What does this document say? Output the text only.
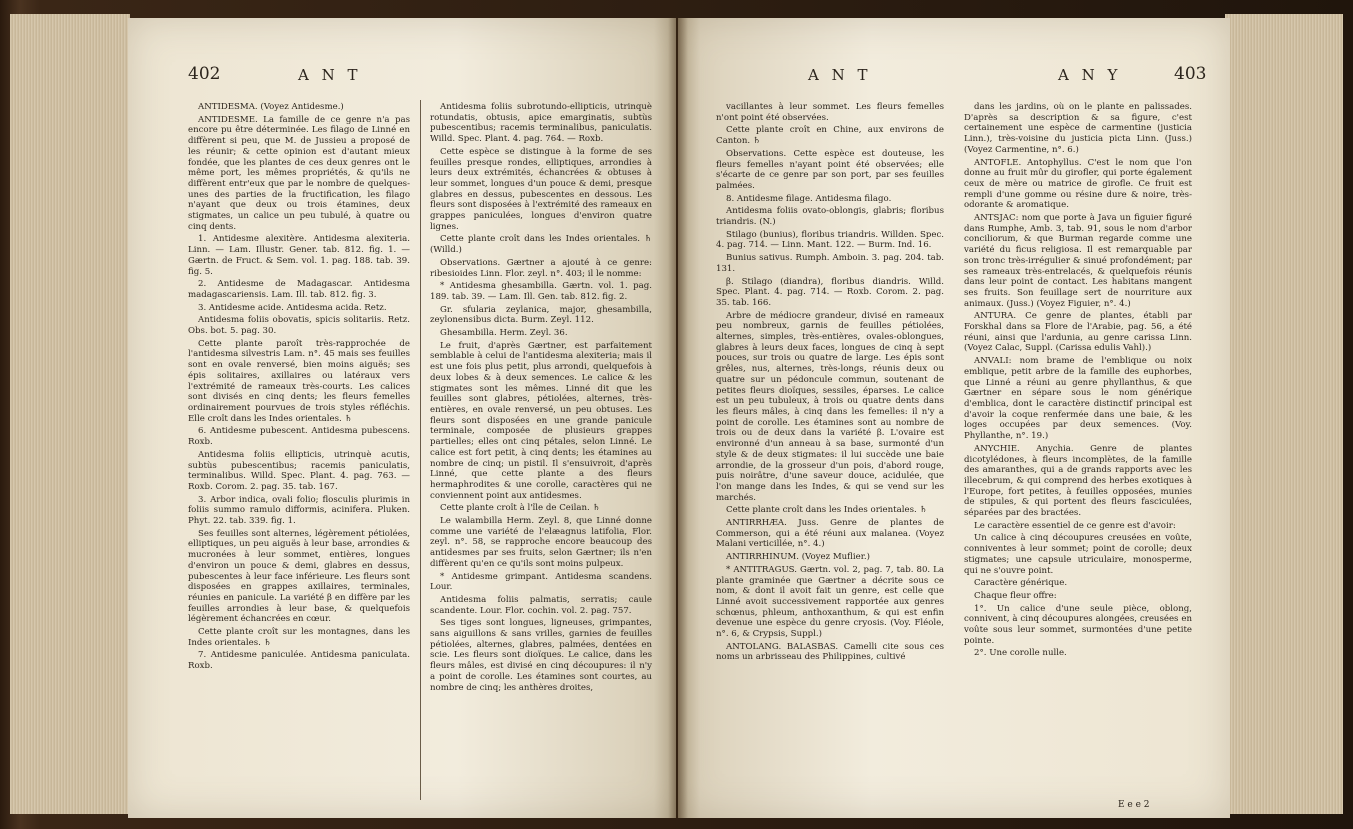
402	A N T

ANTIDESMA. (Voyez Antidesme.)

ANTIDESME. La famille de ce genre n'a pas encore pu être déterminée. Les filago de Linné en diffèrent si peu, que M. de Jussieu a proposé de les réunir; & cette opinion est d'autant mieux fondée, que les plantes de ces deux genres ont le même port, les mêmes propriétés, & qu'ils ne diffèrent entr'eux que par le nombre de quelques-unes des parties de la fructification, les filago n'ayant que deux ou trois étamines, deux stigmates, un calice un peu tubulé, à quatre ou cinq dents.

1. Antidesme alexitère. Antidesma alexiteria. Linn. — Lam. Illustr. Gener. tab. 812. fig. 1. — Gærtn. de Fruct. & Sem. vol. 1. pag. 188. tab. 39. fig. 5.

2. Antidesme de Madagascar. Antidesma madagascariensis. Lam. Ill. tab. 812. fig. 3.

3. Antidesme acide. Antidesma acida. Retz.

Antidesma foliis obovatis, spicis solitariis. Retz. Obs. bot. 5. pag. 30.

Cette plante paroît très-rapprochée de l'antidesma silvestris Lam. n°. 45 mais ses feuilles sont en ovale renversé, bien moins aiguës; ses épis solitaires, axillaires ou latéraux vers l'extrémité de rameaux très-courts. Les calices sont divisés en cinq dents; les fleurs femelles ordinairement pourvues de trois styles réfléchis. Elle croît dans les Indes orientales. ♄

6. Antidesme pubescent. Antidesma pubescens. Roxb.

Antidesma foliis ellipticis, utrinquè acutis, subtùs pubescentibus; racemis paniculatis, terminalibus. Willd. Spec. Plant. 4. pag. 763. — Roxb. Corom. 2. pag. 35. tab. 167.

3. Arbor indica, ovali folio; flosculis plurimis in foliis summo ramulo difformis, acinifera. Pluken. Phyt. 22. tab. 339. fig. 1.

Ses feuilles sont alternes, légèrement pétiolées, elliptiques, un peu aiguës à leur base, arrondies & mucronées à leur sommet, entières, longues d'environ un pouce & demi, glabres en dessus, pubescentes à leur face inférieure. Les fleurs sont disposées en grappes axillaires, terminales, réunies en panicule. La variété β en diffère par les feuilles arrondies à leur base, & quelquefois légèrement échancrées en cœur.

Cette plante croît sur les montagnes, dans les Indes orientales. ♄

7. Antidesme paniculée. Antidesma paniculata. Roxb.

Antidesma foliis subrotundo-ellipticis, utrinquè rotundatis, obtusis, apice emarginatis, subtùs pubescentibus; racemis terminalibus, paniculatis. Willd. Spec. Plant. 4. pag. 764. — Roxb.

Cette espèce se distingue à la forme de ses feuilles presque rondes, elliptiques, arrondies à leurs deux extrémités, échancrées & obtuses à leur sommet, longues d'un pouce & demi, presque glabres en dessus, pubescentes en dessous. Les fleurs sont disposées à l'extrémité des rameaux en grappes paniculées, longues d'environ quatre lignes.

Cette plante croît dans les Indes orientales. ♄ (Willd.)

Observations. Gærtner a ajouté à ce genre: ribesioides Linn. Flor. zeyl. n°. 403; il le nomme:

* Antidesma ghesambilla. Gærtn. vol. 1. pag. 189. tab. 39. — Lam. Ill. Gen. tab. 812. fig. 2.

Gr. sfularia zeylanica, major, ghesambilla, zeylonensibus dicta. Burm. Zeyl. 112.

Ghesambilla. Herm. Zeyl. 36.

Le fruit, d'après Gærtner, est parfaitement semblable à celui de l'antidesma alexiteria; mais il est une fois plus petit, plus arrondi, quelquefois à deux lobes & à deux semences. Le calice & les stigmates sont les mêmes. Linné dit que les feuilles sont glabres, pétiolées, alternes, très-entières, en ovale renversé, un peu obtuses. Les fleurs sont disposées en une grande panicule terminale, composée de plusieurs grappes partielles; elles ont cinq pétales, selon Linné. Le calice est fort petit, à cinq dents; les étamines au nombre de cinq; un pistil. Il s'ensuivroit, d'après Linné, que cette plante a des fleurs hermaphrodites & une corolle, caractères qui ne conviennent point aux antidesmes.

Cette plante croît à l'île de Ceilan. ♄

Le walambilla Herm. Zeyl. 8, que Linné donne comme une variété de l'elæagnus latifolia, Flor. zeyl. n°. 58, se rapproche encore beaucoup des antidesmes par ses fruits, selon Gærtner; ils n'en diffèrent qu'en ce qu'ils sont moins pulpeux.

* Antidesme grimpant. Antidesma scandens. Lour.

Antidesma foliis palmatis, serratis; caule scandente. Lour. Flor. cochin. vol. 2. pag. 757.

Ses tiges sont longues, ligneuses, grimpantes, sans aiguillons & sans vrilles, garnies de feuilles pétiolées, alternes, glabres, palmées, dentées en scie. Les fleurs sont dioïques. Le calice, dans les fleurs mâles, est divisé en cinq découpures: il n'y a point de corolle. Les étamines sont courtes, au nombre de cinq; les anthères droites,

A N T	A N Y	403

vacillantes à leur sommet. Les fleurs femelles n'ont point été observées.

Cette plante croît en Chine, aux environs de Canton. ♄

Observations. Cette espèce est douteuse, les fleurs femelles n'ayant point été observées; elle s'écarte de ce genre par son port, par ses feuilles palmées.

8. Antidesme filage. Antidesma filago.

Antidesma foliis ovato-oblongis, glabris; floribus triandris. (N.)

Stilago (bunius), floribus triandris. Willden. Spec. 4. pag. 714. — Linn. Mant. 122. — Burm. Ind. 16.

Bunius sativus. Rumph. Amboin. 3. pag. 204. tab. 131.

β. Stilago (diandra), floribus diandris. Willd. Spec. Plant. 4. pag. 714. — Roxb. Corom. 2. pag. 35. tab. 166.

Arbre de médiocre grandeur, divisé en rameaux peu nombreux, garnis de feuilles pétiolées, alternes, simples, très-entières, ovales-oblongues, glabres à leurs deux faces, longues de cinq à sept pouces, sur trois ou quatre de large. Les épis sont grêles, nus, alternes, très-longs, réunis deux ou quatre sur un pédoncule commun, soutenant de petites fleurs dioïques, sessiles, éparses. Le calice est un peu tubuleux, à trois ou quatre dents dans les fleurs mâles, à cinq dans les femelles: il n'y a point de corolle. Les étamines sont au nombre de trois ou de deux dans la variété β. L'ovaire est environné d'un anneau à sa base, surmonté d'un style & de deux stigmates: il lui succède une baie arrondie, de la grosseur d'un pois, d'abord rouge, puis noirâtre, d'une saveur douce, acidulée, que l'on mange dans les Indes, & qui se vend sur les marchés.

Cette plante croît dans les Indes orientales. ♄

ANTIRRHÆA. Juss. Genre de plantes de Commerson, qui a été réuni aux malanea. (Voyez Malani verticillée, n°. 4.)

ANTIRRHINUM. (Voyez Muflier.)

* ANTITRAGUS. Gærtn. vol. 2, pag. 7, tab. 80. La plante graminée que Gærtner a décrite sous ce nom, & dont il avoit fait un genre, est celle que Linné avoit successivement rapportée aux genres schœnus, phleum, anthoxanthum, & qui est enfin devenue une espèce du genre cryosis. (Voy. Fléole, n°. 6, & Crypsis, Suppl.)

ANTOLANG. BALASBAS. Camelli cite sous ces noms un arbrisseau des Philippines, cultivé

dans les jardins, où on le plante en palissades. D'après sa description & sa figure, c'est certainement une espèce de carmentine (justicia Linn.), très-voisine du justicia picta Linn. (Juss.) (Voyez Carmentine, n°. 6.)

ANTOFLE. Antophyllus. C'est le nom que l'on donne au fruit mûr du girofler, qui porte également ceux de mère ou matrice de girofle. Ce fruit est rempli d'une gomme ou résine dure & noire, très-odorante & aromatique.

ANTSJAC: nom que porte à Java un figuier figuré dans Rumphe, Amb. 3, tab. 91, sous le nom d'arbor conciliorum, & que Burman regarde comme une variété du ficus religiosa. Il est remarquable par son tronc très-irrégulier & sinué profondément; par ses rameaux très-entrelacés, & quelquefois réunis dans leur point de contact. Les habitans mangent ses fruits. Son feuillage sert de nourriture aux animaux. (Juss.) (Voyez Figuier, n°. 4.)

ANTURA. Ce genre de plantes, établi par Forskhal dans sa Flore de l'Arabie, pag. 56, a été réuni, ainsi que l'ardunia, au genre carissa Linn. (Voyez Calac, Suppl. (Carissa edulis Vahl).)

ANVALI: nom brame de l'emblique ou noix emblique, petit arbre de la famille des euphorbes, que Linné a réuni au genre phyllanthus, & que Gærtner en sépare sous le nom générique d'emblica, dont le caractère distinctif principal est d'avoir la coque renfermée dans une baie, & les loges occupées par deux semences. (Voy. Phyllanthe, n°. 19.)

ANYCHIE. Anychia. Genre de plantes dicotylédones, à fleurs incomplètes, de la famille des amaranthes, qui a de grands rapports avec les illecebrum, & qui comprend des herbes exotiques à l'Europe, fort petites, à feuilles opposées, munies de stipules, & qui portent des fleurs fasciculées, séparées par des bractées.

Le caractère essentiel de ce genre est d'avoir:

Un calice à cinq découpures creusées en voûte, conniventes à leur sommet; point de corolle; deux stigmates; une capsule utriculaire, monosperme, qui ne s'ouvre point.

Caractère générique.

Chaque fleur offre:

1°. Un calice d'une seule pièce, oblong, connivent, à cinq découpures alongées, creusées en voûte sous leur sommet, surmontées d'une petite pointe.

2°. Une corolle nulle.

E e e 2
